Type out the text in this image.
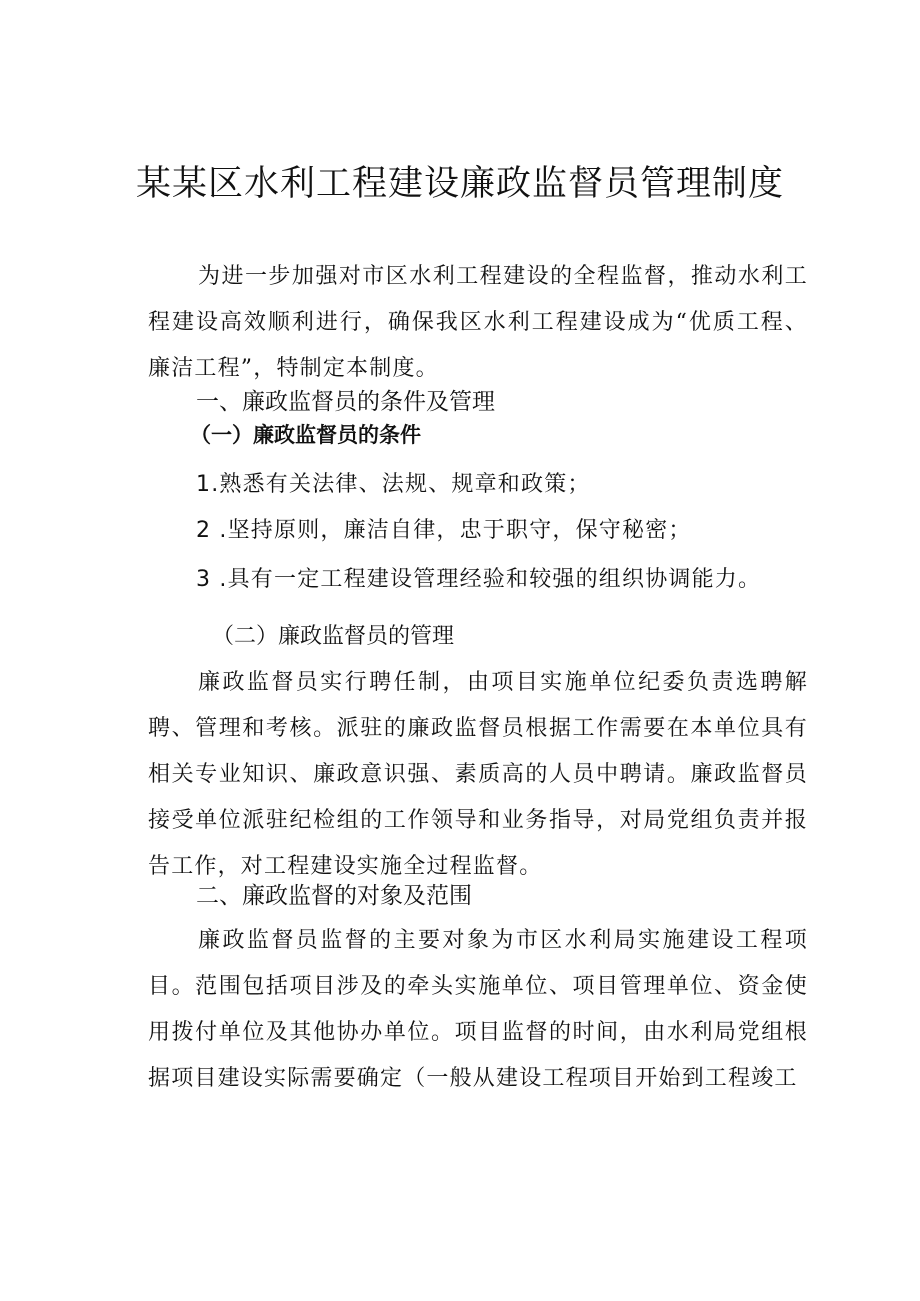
某某区水利工程建设廉政监督员管理制度

为进一步加强对市区水利工程建设的全程监督，推动水利工程建设高效顺利进行，确保我区水利工程建设成为“优质工程、廉洁工程”，特制定本制度。

一、廉政监督员的条件及管理
（一）廉政监督员的条件

1.熟悉有关法律、法规、规章和政策；

2 .坚持原则，廉洁自律，忠于职守，保守秘密；

3 .具有一定工程建设管理经验和较强的组织协调能力。

（二）廉政监督员的管理

廉政监督员实行聘任制，由项目实施单位纪委负责选聘解聘、管理和考核。派驻的廉政监督员根据工作需要在本单位具有相关专业知识、廉政意识强、素质高的人员中聘请。廉政监督员接受单位派驻纪检组的工作领导和业务指导，对局党组负责并报告工作，对工程建设实施全过程监督。

二、廉政监督的对象及范围

廉政监督员监督的主要对象为市区水利局实施建设工程项目。范围包括项目涉及的牵头实施单位、项目管理单位、资金使用拨付单位及其他协办单位。项目监督的时间，由水利局党组根据项目建设实际需要确定（一般从建设工程项目开始到工程竣工
